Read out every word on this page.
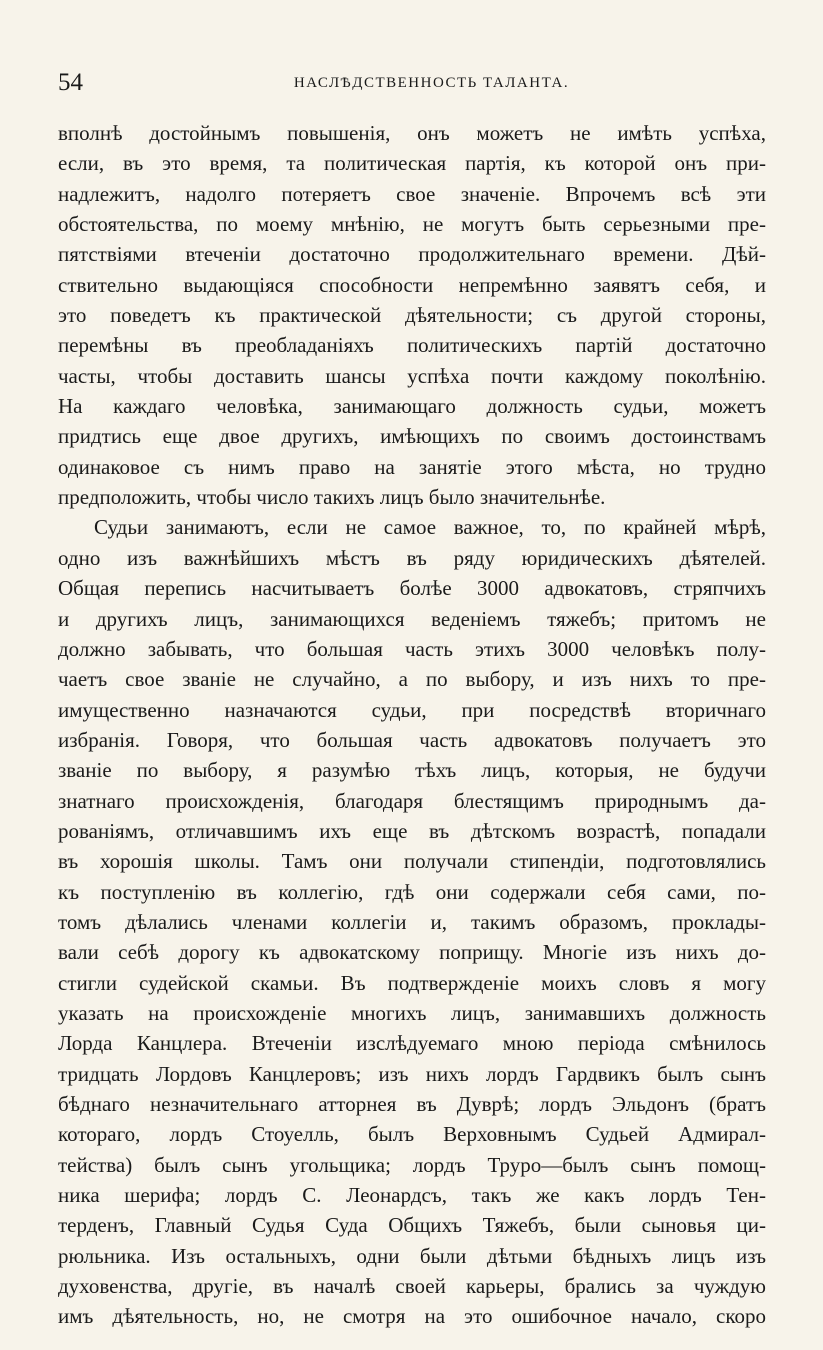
54	НАСЛѢДСТВЕННОСТЬ ТАЛАНТА.
вполнѣ достойнымъ повышенія, онъ можетъ не имѣть успѣха,
если, въ это время, та политическая партія, къ которой онъ при-
надлежитъ, надолго потеряетъ свое значеніе. Впрочемъ всѣ эти
обстоятельства, по моему мнѣнію, не могутъ быть серьезными пре-
пятствіями втеченіи достаточно продолжительнаго времени. Дѣй-
ствительно выдающіяся способности непремѣнно заявятъ себя, и
это поведетъ къ практической дѣятельности; съ другой стороны,
перемѣны въ преобладаніяхъ политическихъ партій достаточно
часты, чтобы доставить шансы успѣха почти каждому поколѣнію.
На каждаго человѣка, занимающаго должность судьи, можетъ
придтись еще двое другихъ, имѣющихъ по своимъ достоинствамъ
одинаковое съ нимъ право на занятіе этого мѣста, но трудно
предположить, чтобы число такихъ лицъ было значительнѣе.
Судьи занимаютъ, если не самое важное, то, по крайней мѣрѣ,
одно изъ важнѣйшихъ мѣстъ въ ряду юридическихъ дѣятелей.
Общая перепись насчитываетъ болѣе 3000 адвокатовъ, стряпчихъ
и другихъ лицъ, занимающихся веденіемъ тяжебъ; притомъ не
должно забывать, что большая часть этихъ 3000 человѣкъ полу-
чаетъ свое званіе не случайно, а по выбору, и изъ нихъ то пре-
имущественно назначаются судьи, при посредствѣ вторичнаго
избранія. Говоря, что большая часть адвокатовъ получаетъ это
званіе по выбору, я разумѣю тѣхъ лицъ, которыя, не будучи
знатнаго происхожденія, благодаря блестящимъ природнымъ да-
рованіямъ, отличавшимъ ихъ еще въ дѣтскомъ возрастѣ, попадали
въ хорошія школы. Тамъ они получали стипендіи, подготовлялись
къ поступленію въ коллегію, гдѣ они содержали себя сами, по-
томъ дѣлались членами коллегіи и, такимъ образомъ, проклады-
вали себѣ дорогу къ адвокатскому поприщу. Многіе изъ нихъ до-
стигли судейской скамьи. Въ подтвержденіе моихъ словъ я могу
указать на происхожденіе многихъ лицъ, занимавшихъ должность
Лорда Канцлера. Втеченіи изслѣдуемаго мною періода смѣнилось
тридцать Лордовъ Канцлеровъ; изъ нихъ лордъ Гардвикъ былъ сынъ
бѣднаго незначительнаго атторнея въ Дуврѣ; лордъ Эльдонъ (братъ
котораго, лордъ Стоуелль, былъ Верховнымъ Судьей Адмирал-
тейства) былъ сынъ угольщика; лордъ Труро—былъ сынъ помощ-
ника шерифа; лордъ С. Леонардсъ, такъ же какъ лордъ Тен-
терденъ, Главный Судья Суда Общихъ Тяжебъ, были сыновья ци-
рюльника. Изъ остальныхъ, одни были дѣтьми бѣдныхъ лицъ изъ
духовенства, другіе, въ началѣ своей карьеры, брались за чуждую
имъ дѣятельность, но, не смотря на это ошибочное начало, скоро
